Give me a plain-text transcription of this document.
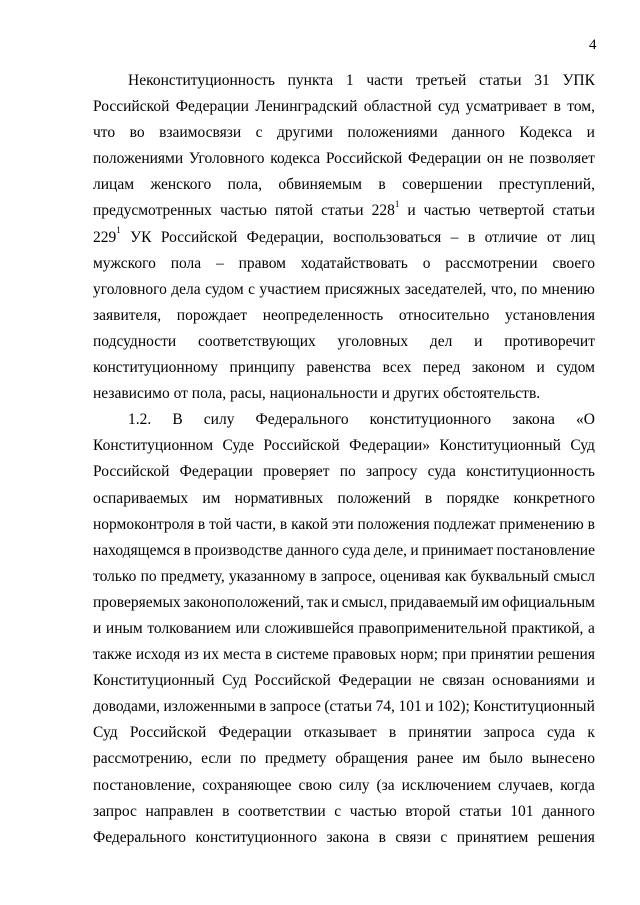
4
Неконституционность пункта 1 части третьей статьи 31 УПК
Российской Федерации Ленинградский областной суд усматривает в том,
что во взаимосвязи с другими положениями данного Кодекса и
положениями Уголовного кодекса Российской Федерации он не позволяет
лицам женского пола, обвиняемым в совершении преступлений,
предусмотренных частью пятой статьи $228^1$ и частью четвертой статьи
$229^1$ УК Российской Федерации, воспользоваться – в отличие от лиц
мужского пола – правом ходатайствовать о рассмотрении своего
уголовного дела судом с участием присяжных заседателей, что, по мнению
заявителя, порождает неопределенность относительно установления
подсудности соответствующих уголовных дел и противоречит
конституционному принципу равенства всех перед законом и судом
независимо от пола, расы, национальности и других обстоятельств.
1.2. В силу Федерального конституционного закона «О
Конституционном Суде Российской Федерации» Конституционный Суд
Российской Федерации проверяет по запросу суда конституционность
оспариваемых им нормативных положений в порядке конкретного
нормоконтроля в той части, в какой эти положения подлежат применению в
находящемся в производстве данного суда деле, и принимает постановление
только по предмету, указанному в запросе, оценивая как буквальный смысл
проверяемых законоположений, так и смысл, придаваемый им официальным
и иным толкованием или сложившейся правоприменительной практикой, а
также исходя из их места в системе правовых норм; при принятии решения
Конституционный Суд Российской Федерации не связан основаниями и
доводами, изложенными в запросе (статьи 74, 101 и 102); Конституционный
Суд Российской Федерации отказывает в принятии запроса суда к
рассмотрению, если по предмету обращения ранее им было вынесено
постановление, сохраняющее свою силу (за исключением случаев, когда
запрос направлен в соответствии с частью второй статьи 101 данного
Федерального конституционного закона в связи с принятием решения
